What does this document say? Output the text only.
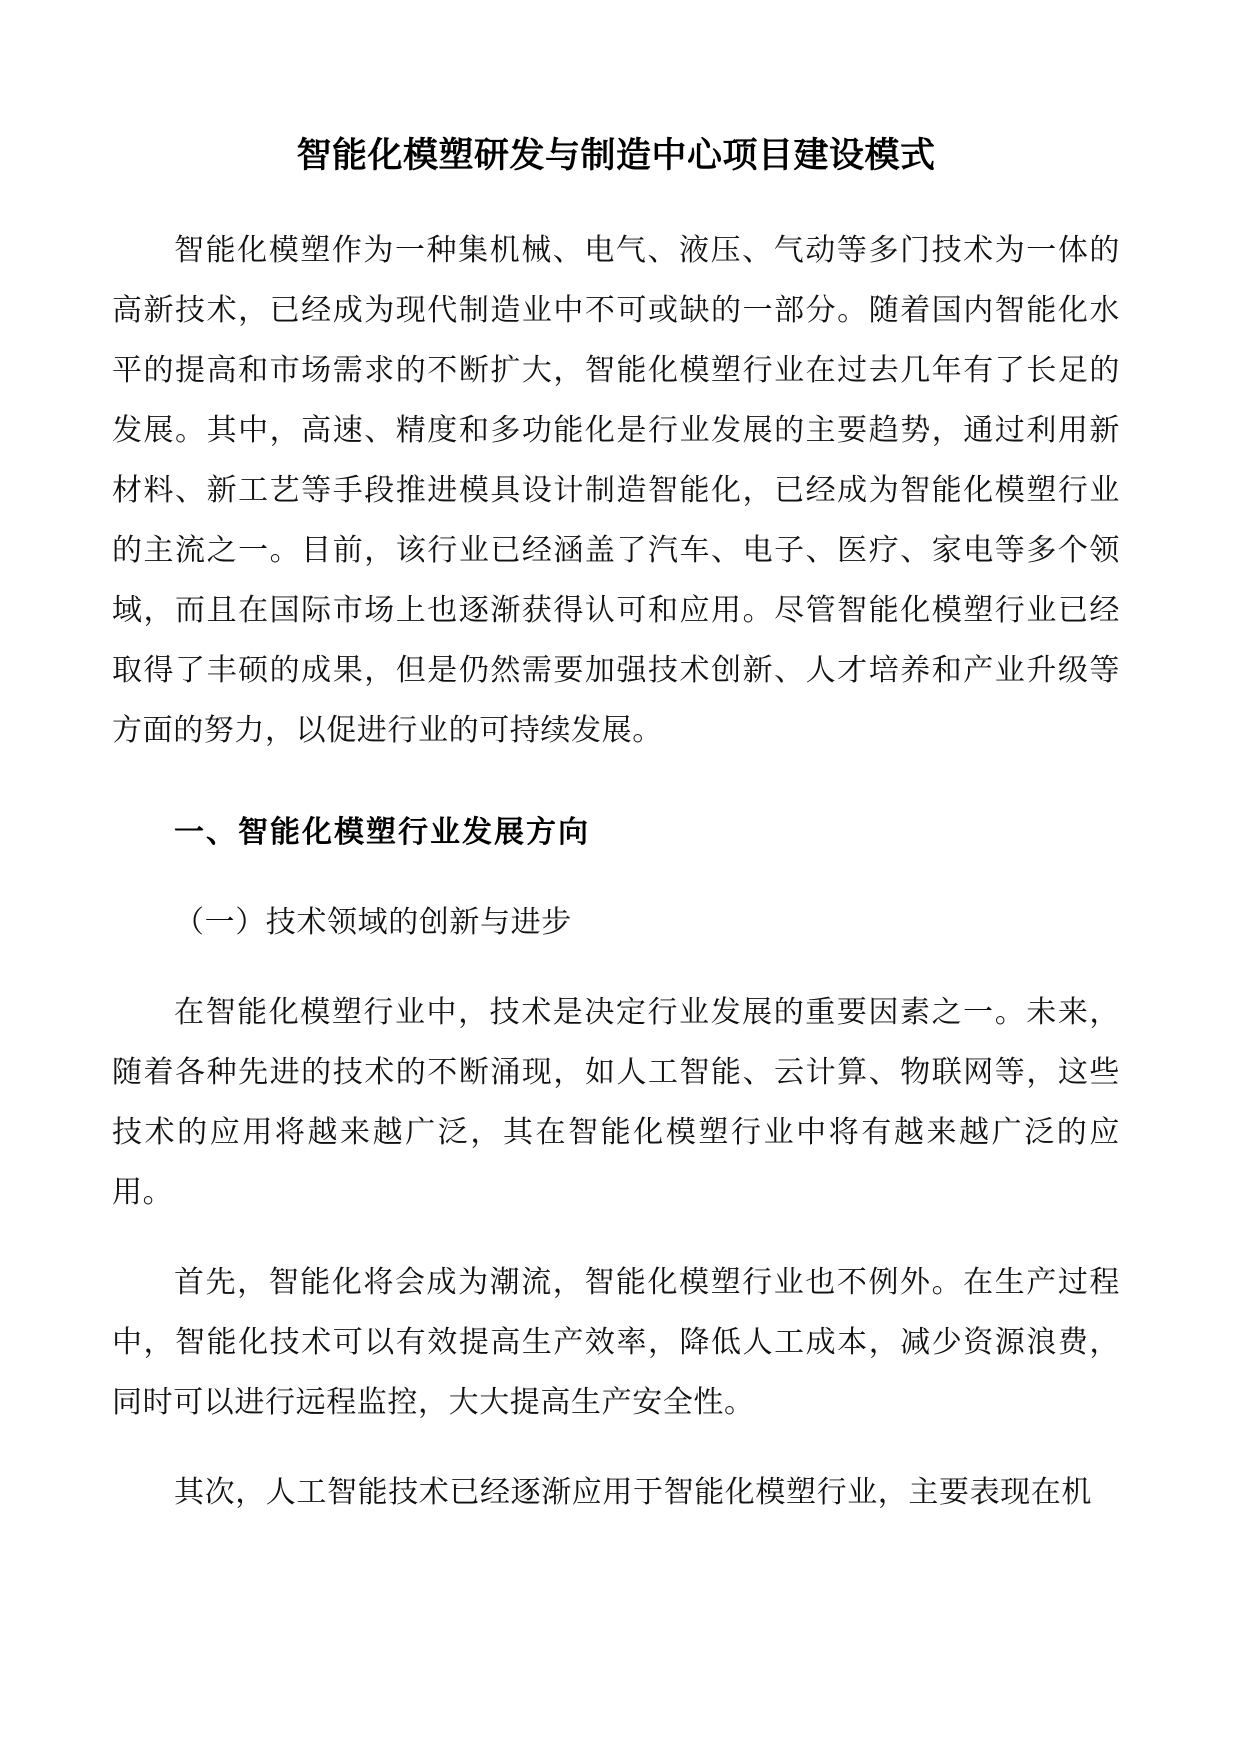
智能化模塑研发与制造中心项目建设模式

智能化模塑作为一种集机械、电气、液压、气动等多门技术为一体的高新技术，已经成为现代制造业中不可或缺的一部分。随着国内智能化水平的提高和市场需求的不断扩大，智能化模塑行业在过去几年有了长足的发展。其中，高速、精度和多功能化是行业发展的主要趋势，通过利用新材料、新工艺等手段推进模具设计制造智能化，已经成为智能化模塑行业的主流之一。目前，该行业已经涵盖了汽车、电子、医疗、家电等多个领域，而且在国际市场上也逐渐获得认可和应用。尽管智能化模塑行业已经取得了丰硕的成果，但是仍然需要加强技术创新、人才培养和产业升级等方面的努力，以促进行业的可持续发展。

一、智能化模塑行业发展方向
（一）技术领域的创新与进步

在智能化模塑行业中，技术是决定行业发展的重要因素之一。未来，随着各种先进的技术的不断涌现，如人工智能、云计算、物联网等，这些技术的应用将越来越广泛，其在智能化模塑行业中将有越来越广泛的应用。

首先，智能化将会成为潮流，智能化模塑行业也不例外。在生产过程中，智能化技术可以有效提高生产效率，降低人工成本，减少资源浪费，同时可以进行远程监控，大大提高生产安全性。

其次，人工智能技术已经逐渐应用于智能化模塑行业，主要表现在机
